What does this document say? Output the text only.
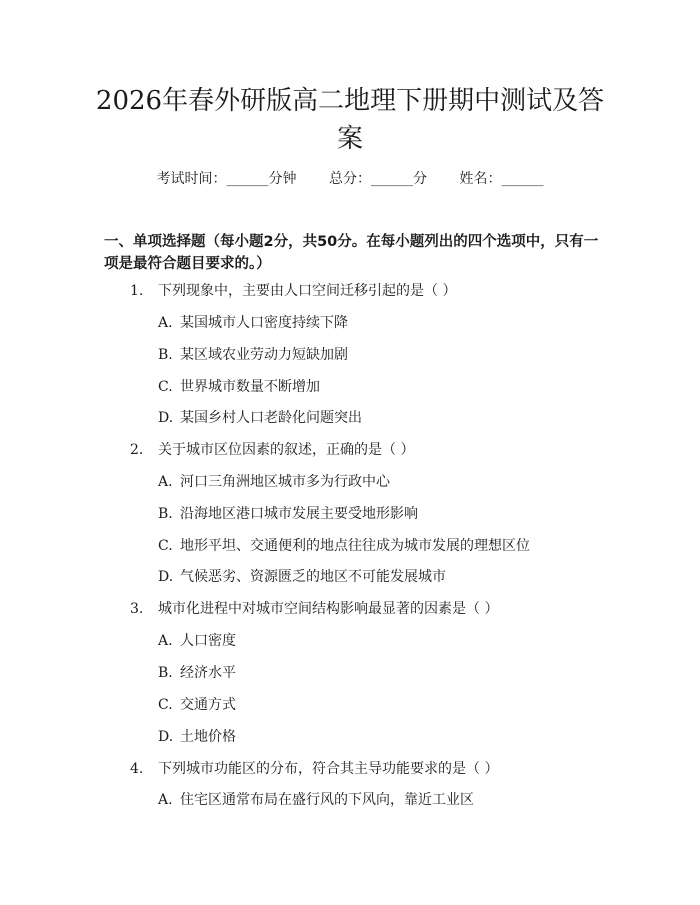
2026年春外研版高二地理下册期中测试及答案
考试时间：______分钟 总分：______分 姓名：______
一、单项选择题（每小题2分，共50分。在每小题列出的四个选项中，只有一项是最符合题目要求的。）
1. 下列现象中，主要由人口空间迁移引起的是（ ）
A. 某国城市人口密度持续下降
B. 某区域农业劳动力短缺加剧
C. 世界城市数量不断增加
D. 某国乡村人口老龄化问题突出
2. 关于城市区位因素的叙述，正确的是（ ）
A. 河口三角洲地区城市多为行政中心
B. 沿海地区港口城市发展主要受地形影响
C. 地形平坦、交通便利的地点往往成为城市发展的理想区位
D. 气候恶劣、资源匮乏的地区不可能发展城市
3. 城市化进程中对城市空间结构影响最显著的因素是（ ）
A. 人口密度
B. 经济水平
C. 交通方式
D. 土地价格
4. 下列城市功能区的分布，符合其主导功能要求的是（ ）
A. 住宅区通常布局在盛行风的下风向，靠近工业区
